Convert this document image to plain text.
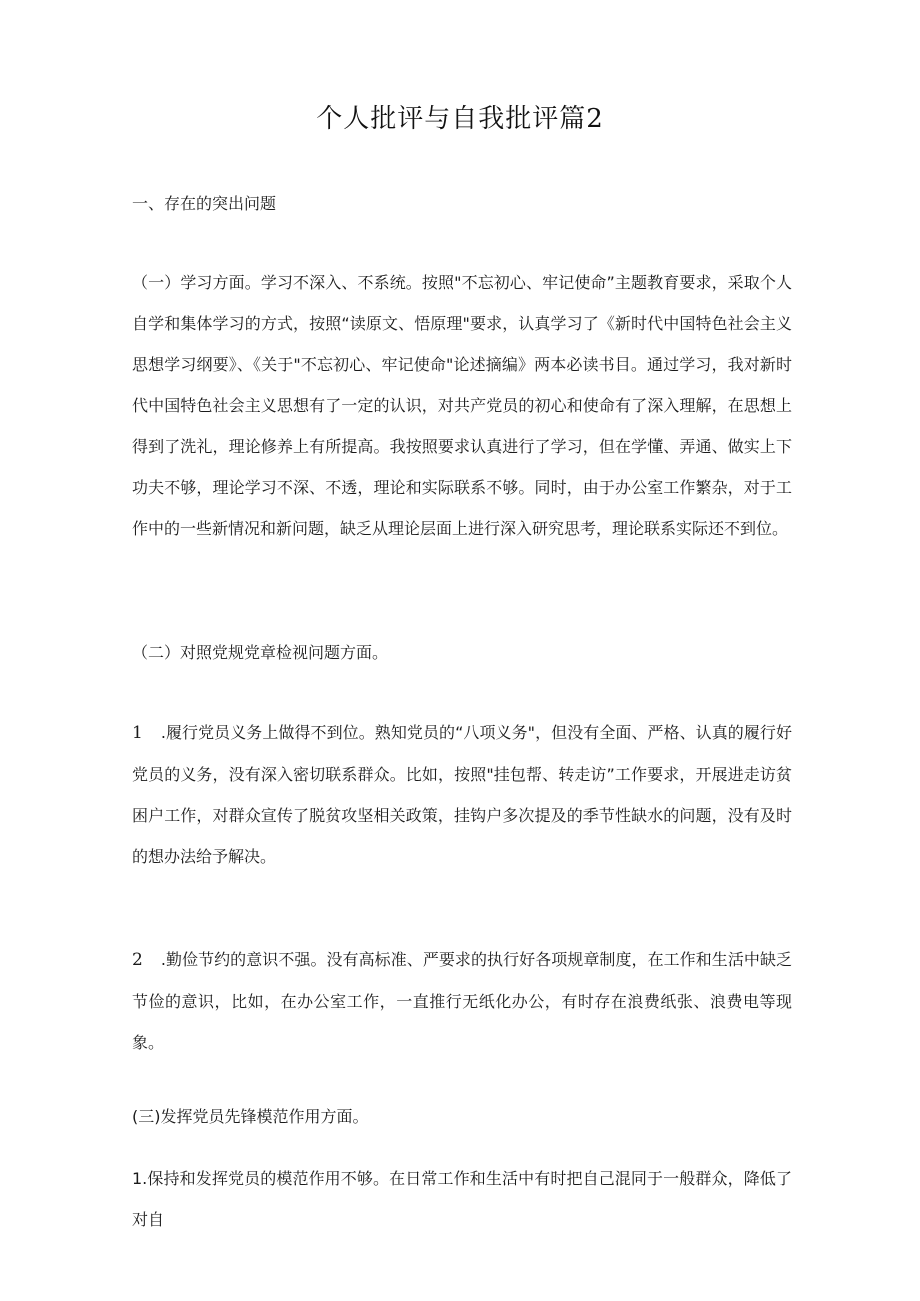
个人批评与自我批评篇2
一、存在的突出问题
（一）学习方面。学习不深入、不系统。按照"不忘初心、牢记使命”主题教育要求，采取个人自学和集体学习的方式，按照“读原文、悟原理"要求，认真学习了《新时代中国特色社会主义思想学习纲要》、《关于"不忘初心、牢记使命"论述摘编》两本必读书目。通过学习，我对新时代中国特色社会主义思想有了一定的认识，对共产党员的初心和使命有了深入理解，在思想上得到了洗礼，理论修养上有所提高。我按照要求认真进行了学习，但在学懂、弄通、做实上下功夫不够，理论学习不深、不透，理论和实际联系不够。同时，由于办公室工作繁杂，对于工作中的一些新情况和新问题，缺乏从理论层面上进行深入研究思考，理论联系实际还不到位。
（二）对照党规党章检视问题方面。
1 .履行党员义务上做得不到位。熟知党员的“八项义务"，但没有全面、严格、认真的履行好党员的义务，没有深入密切联系群众。比如，按照"挂包帮、转走访”工作要求，开展进走访贫困户工作，对群众宣传了脱贫攻坚相关政策，挂钩户多次提及的季节性缺水的问题，没有及时的想办法给予解决。
2 .勤俭节约的意识不强。没有高标准、严要求的执行好各项规章制度，在工作和生活中缺乏节俭的意识，比如，在办公室工作，一直推行无纸化办公，有时存在浪费纸张、浪费电等现象。
(三)发挥党员先锋模范作用方面。
1.保持和发挥党员的模范作用不够。在日常工作和生活中有时把自己混同于一般群众，降低了对自
